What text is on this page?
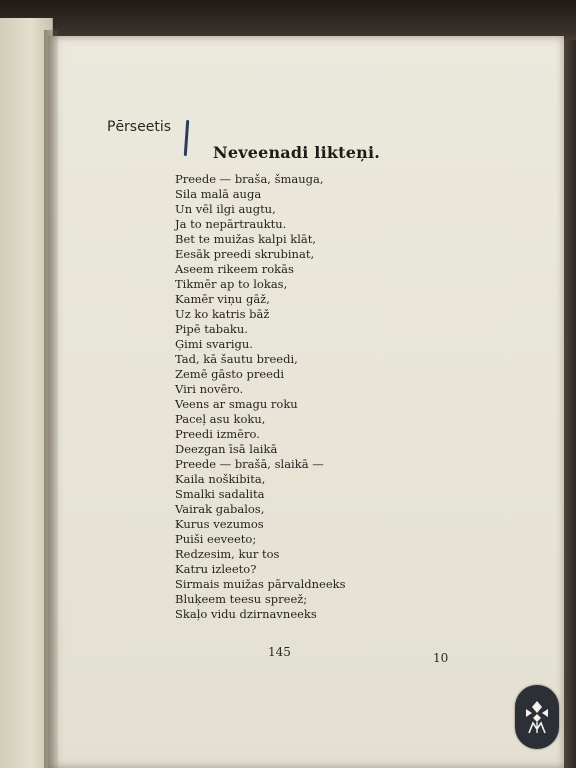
Pērseetis
Neveenadi likteņi.
Preede — braša, šmauga,
Sila malā auga
Un vēl ilgi augtu,
Ja to nepārtrauktu.
Bet te muižas kalpi klāt,
Eesāk preedi skrubinat,
Aseem rikeem rokās
Tikmēr ap to lokas,
Kamēr viņu gāž,
Uz ko katris bāž
Pipē tabaku.
Ģimi svarigu.
Tad, kā šautu breedi,
Zemē gāsto preedi
Viri novēro.
Veens ar smagu roku
Paceļ asu koku,
Preedi izmēro.
Deezgan īsā laikā
Preede — brašā, slaikā —
Kaila noškibita,
Smalki sadalita
Vairak gabalos,
Kurus vezumos
Puiši eeveeto;
Redzesim, kur tos
Katru izleeto?
Sirmais muižas pārvaldneeks
Bluķeem teesu spreež;
Skaļo vidu dzirnavneeks
145	10
